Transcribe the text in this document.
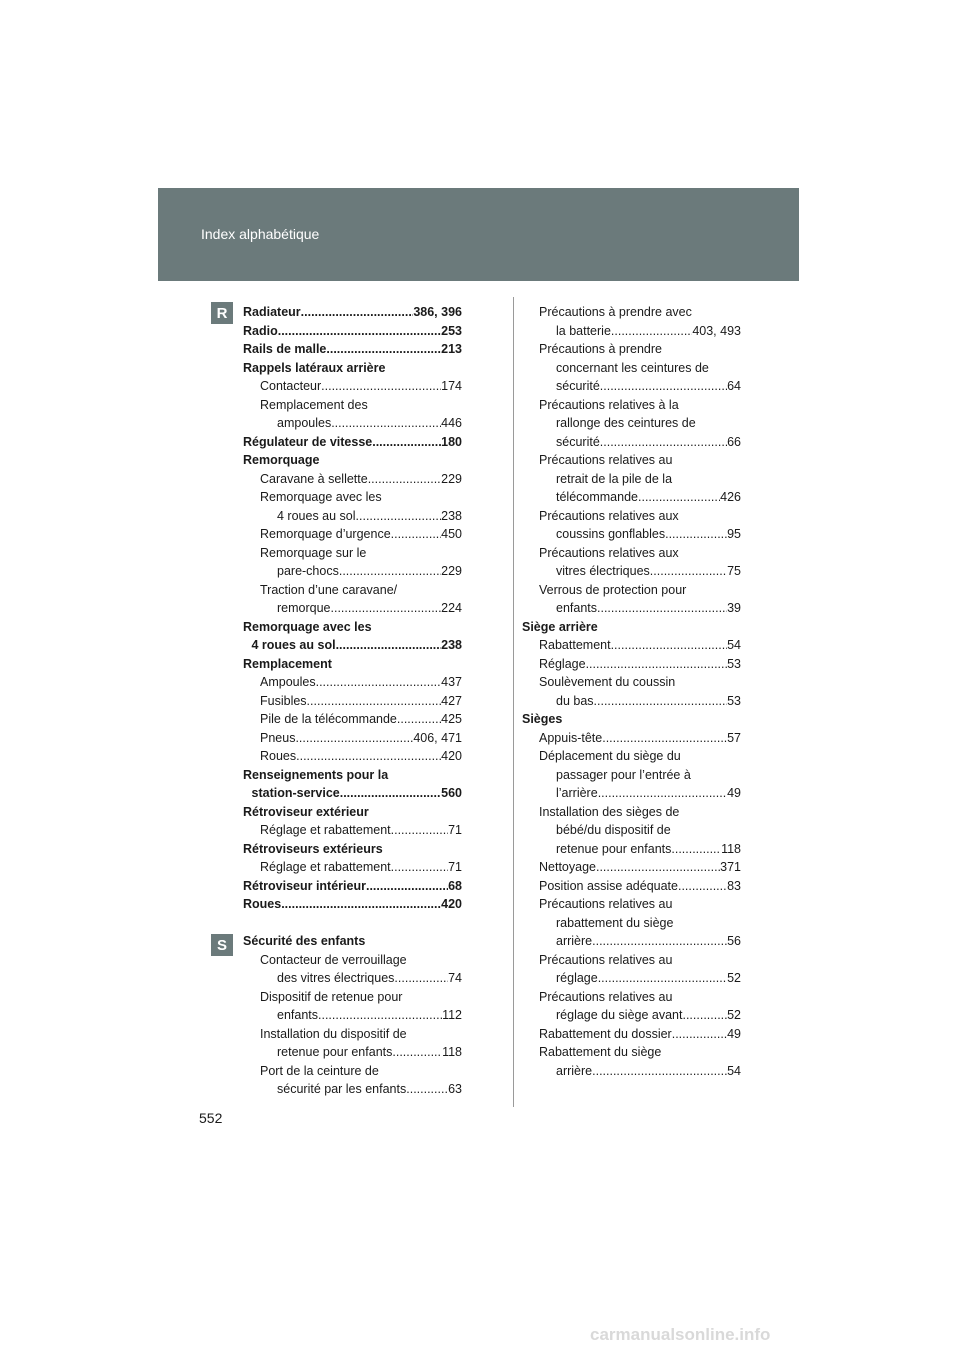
Index alphabétique
R
S
Radiateur .....	386, 396
Radio .....	253
Rails de malle .....	213
Rappels latéraux arrière
Contacteur .....	174
Remplacement des
ampoules .....	446
Régulateur de vitesse .....	180
Remorquage
Caravane à sellette .....	229
Remorquage avec les
4 roues au sol .....	238
Remorquage d’urgence .....	450
Remorquage sur le
pare-chocs .....	229
Traction d’une caravane/
remorque .....	224
Remorquage avec les
4 roues au sol .....	238
Remplacement
Ampoules .....	437
Fusibles .....	427
Pile de la télécommande .....	425
Pneus .....	406, 471
Roues .....	420
Renseignements pour la
station-service .....	560
Rétroviseur extérieur
Réglage et rabattement .....	71
Rétroviseurs extérieurs
Réglage et rabattement .....	71
Rétroviseur intérieur .....	68
Roues .....	420
Sécurité des enfants
Contacteur de verrouillage
des vitres électriques .....	74
Dispositif de retenue pour
enfants .....	112
Installation du dispositif de
retenue pour enfants .....	118
Port de la ceinture de
sécurité par les enfants .....	63
Précautions à prendre avec
la batterie .....	403, 493
Précautions à prendre
concernant les ceintures de
sécurité .....	64
Précautions relatives à la
rallonge des ceintures de
sécurité .....	66
Précautions relatives au
retrait de la pile de la
télécommande .....	426
Précautions relatives aux
coussins gonflables .....	95
Précautions relatives aux
vitres électriques .....	75
Verrous de protection pour
enfants .....	39
Siège arrière
Rabattement .....	54
Réglage .....	53
Soulèvement du coussin
du bas .....	53
Sièges
Appuis-tête .....	57
Déplacement du siège du
passager pour l’entrée à
l’arrière .....	49
Installation des sièges de
bébé/du dispositif de
retenue pour enfants .....	118
Nettoyage .....	371
Position assise adéquate .....	83
Précautions relatives au
rabattement du siège
arrière .....	56
Précautions relatives au
réglage .....	52
Précautions relatives au
réglage du siège avant .....	52
Rabattement du dossier .....	49
Rabattement du siège
arrière .....	54
552
carmanualsonline.info
